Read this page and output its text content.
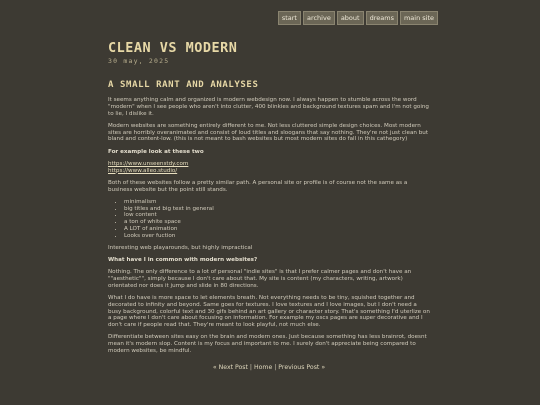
start	archive	about	dreams	main site
CLEAN VS MODERN
30 may, 2025
A SMALL RANT AND ANALYSES

It seems anything calm and organized is modern webdesign now. I always happen to stumble across the word "modern" when I see people who aren't into clutter, 400 blinkies and background textures spam and I'm not going to lie, I dislike it.

Modern websites are something entirely different to me. Not less cluttered simple design choices. Most modern sites are horribly overanimated and consist of loud titles and sloogans that say nothing. They're not just clean but bland and content-low. (this is not meant to bash websites but most modern sites do fall in this cathegory)

For example look at these two

https://www.unseenstdy.com
https://www.alleo.studio/

Both of these websites follow a pretty similar path. A personal site or profile is of course not the same as a business website but the point still stands.

• minimalism
• big titles and big text in general
• low content
• a ton of white space
• A LOT of animation
• Looks over fuction

Interesting web playarounds, but highly impractical

What have I in common with modern websites?

Nothing. The only difference to a lot of personal "indie sites" is that I prefer calmer pages and don't have an ""aesthetic"", simply because I don't care about that. My site is content (my characters, writing, artwork) orientated nor does it jump and slide in 80 directions.

What I do have is more space to let elements breath. Not everything needs to be tiny, squished together and decorated to infinity and beyond. Same goes for textures. I love textures and I love images, but I don't need a busy background, colorful text and 30 gifs behind an art gallery or character story. That's something I'd uterlize on a page where I don't care about focusing on information. For example my oscs pages are super decorative and I don't care if people read that. They're meant to look playful, not much else.

Differentiate between sites easy on the brain and modern ones. Just because something has less brainrot, doesnt mean it's modern slop. Content is my focus and important to me. I surely don't appreciate being compared to modern websites, be mindful.

« Next Post | Home | Previous Post »
